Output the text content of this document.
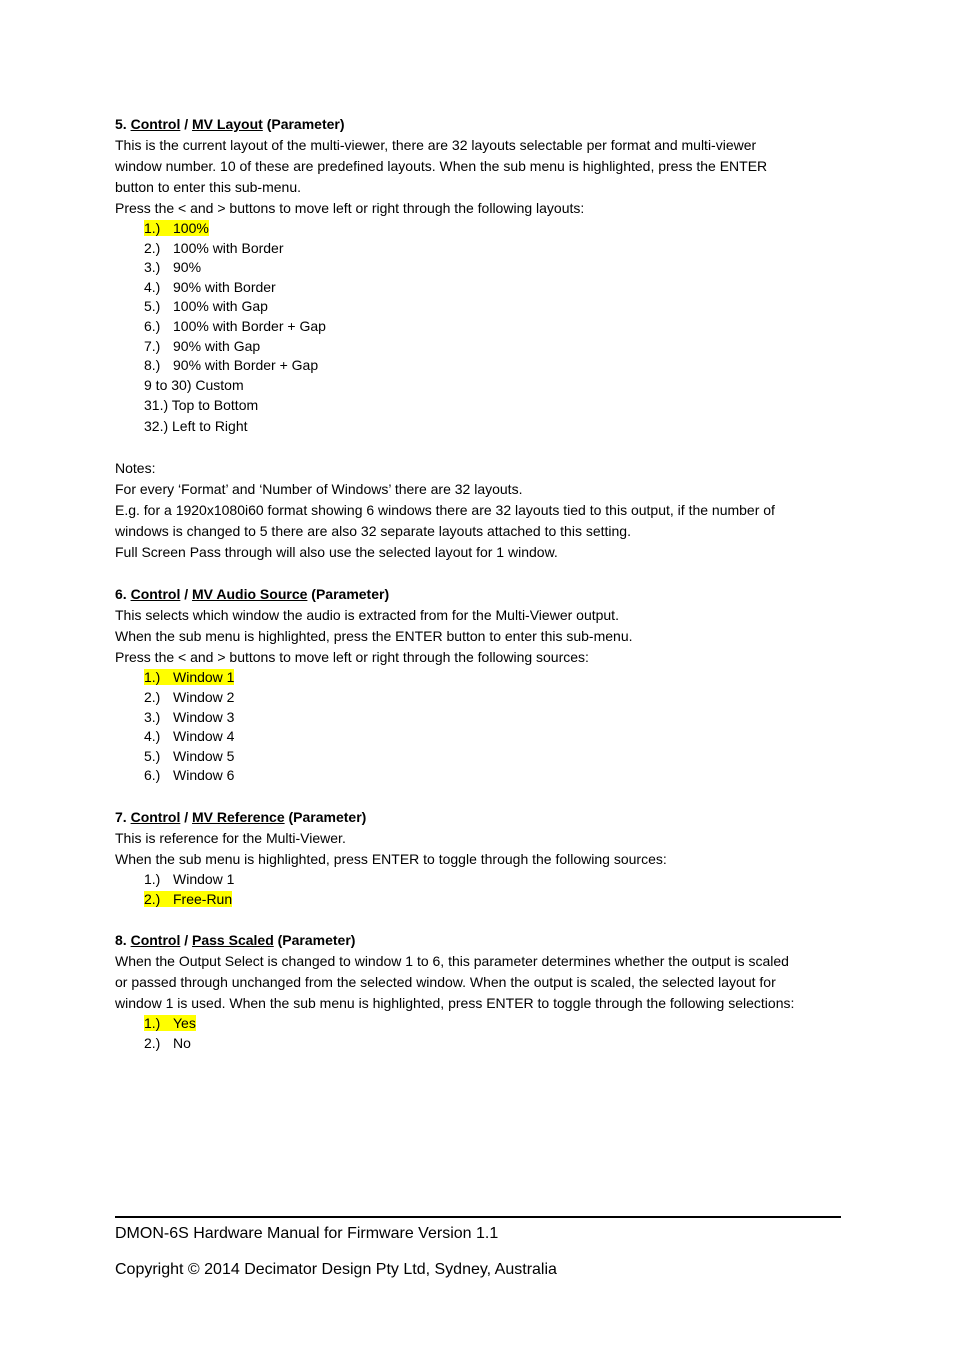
5. Control / MV Layout (Parameter)
This is the current layout of the multi-viewer, there are 32 layouts selectable per format and multi-viewer
window number. 10 of these are predefined layouts. When the sub menu is highlighted, press the ENTER
button to enter this sub-menu.
Press the < and > buttons to move left or right through the following layouts:
1.) 100%
2.) 100% with Border
3.) 90%
4.) 90% with Border
5.) 100% with Gap
6.) 100% with Border + Gap
7.) 90% with Gap
8.) 90% with Border + Gap
9 to 30) Custom
31.) Top to Bottom
32.) Left to Right
Notes:
For every ‘Format’ and ‘Number of Windows’ there are 32 layouts.
E.g. for a 1920x1080i60 format showing 6 windows there are 32 layouts tied to this output, if the number of
windows is changed to 5 there are also 32 separate layouts attached to this setting.
Full Screen Pass through will also use the selected layout for 1 window.
6. Control / MV Audio Source (Parameter)
This selects which window the audio is extracted from for the Multi-Viewer output.
When the sub menu is highlighted, press the ENTER button to enter this sub-menu.
Press the < and > buttons to move left or right through the following sources:
1.) Window 1
2.) Window 2
3.) Window 3
4.) Window 4
5.) Window 5
6.) Window 6
7. Control / MV Reference (Parameter)
This is reference for the Multi-Viewer.
When the sub menu is highlighted, press ENTER to toggle through the following sources:
1.) Window 1
2.) Free-Run
8. Control / Pass Scaled (Parameter)
When the Output Select is changed to window 1 to 6, this parameter determines whether the output is scaled
or passed through unchanged from the selected window. When the output is scaled, the selected layout for
window 1 is used. When the sub menu is highlighted, press ENTER to toggle through the following selections:
1.) Yes
2.) No
DMON-6S Hardware Manual for Firmware Version 1.1
Copyright © 2014 Decimator Design Pty Ltd, Sydney, Australia
